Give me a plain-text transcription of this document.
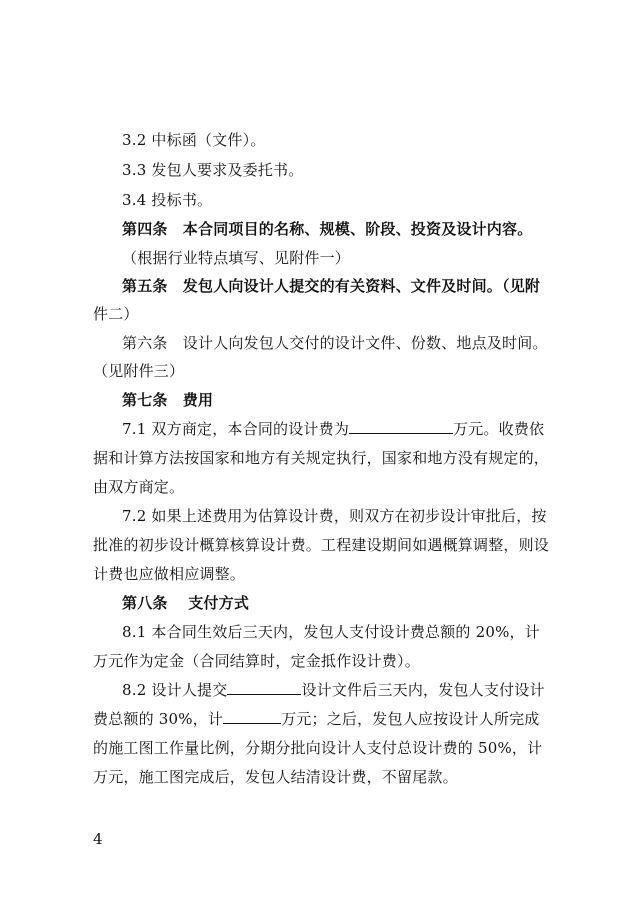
3.2 中标函（文件）。
3.3 发包人要求及委托书。
3.4 投标书。
第四条　本合同项目的名称、规模、阶段、投资及设计内容。
（根据行业特点填写、见附件一）
第五条　发包人向设计人提交的有关资料、文件及时间。（见附
件二）
第六条　设计人向发包人交付的设计文件、份数、地点及时间。
（见附件三）
第七条　费用
7.1 双方商定，本合同的设计费为	万元。收费依
据和计算方法按国家和地方有关规定执行，国家和地方没有规定的，
由双方商定。
7.2 如果上述费用为估算设计费，则双方在初步设计审批后，按
批准的初步设计概算核算设计费。工程建设期间如遇概算调整，则设
计费也应做相应调整。
第八条　 支付方式
8.1 本合同生效后三天内，发包人支付设计费总额的 20%，计
万元作为定金（合同结算时，定金抵作设计费）。
8.2 设计人提交	设计文件后三天内，发包人支付设计
费总额的 30%，计	万元；之后，发包人应按设计人所完成
的施工图工作量比例，分期分批向设计人支付总设计费的 50%，计
万元，施工图完成后，发包人结清设计费，不留尾款。
4
